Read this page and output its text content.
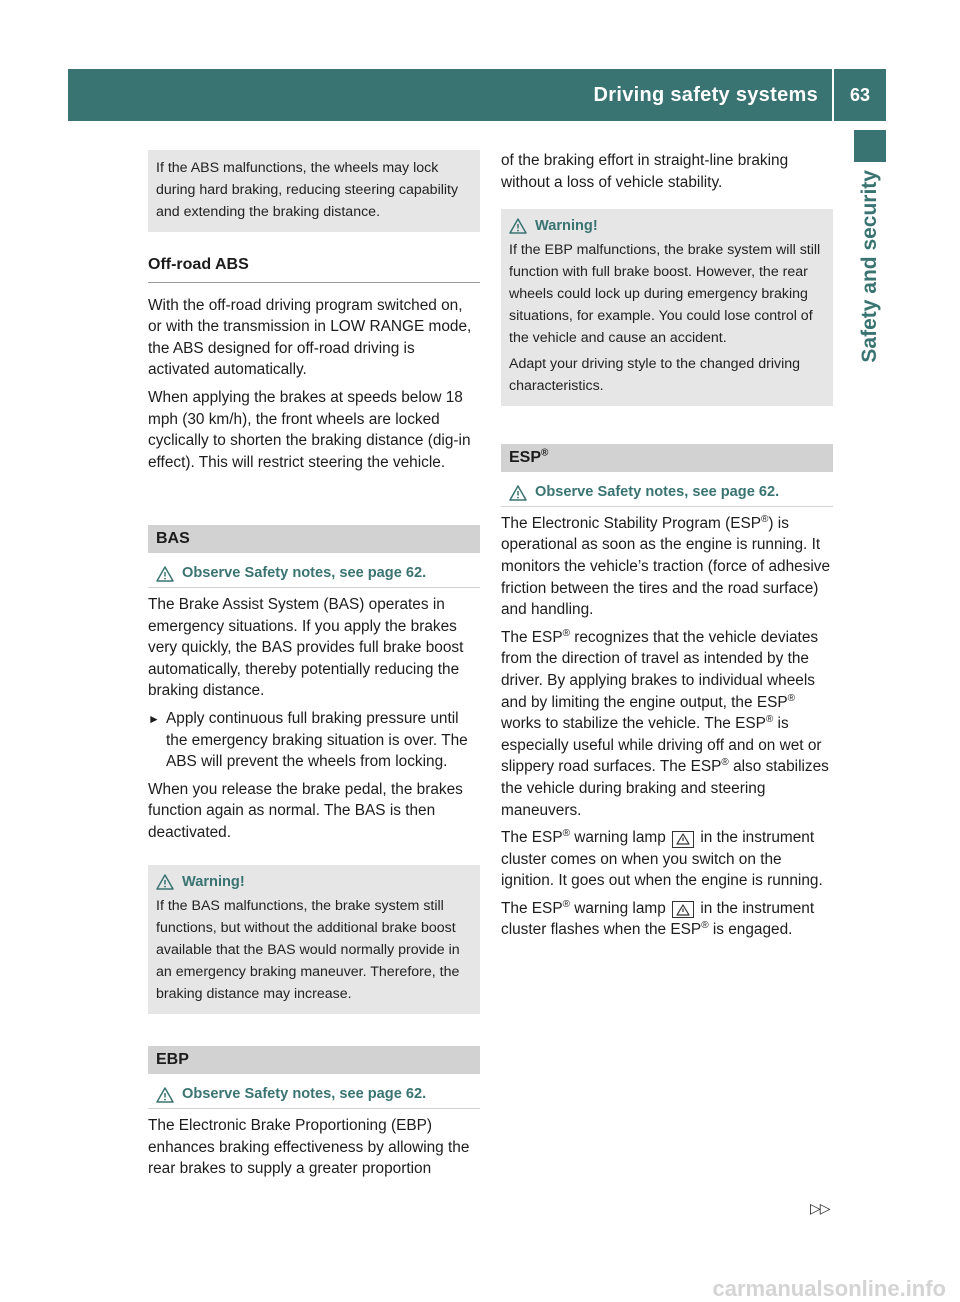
Driving safety systems	63
Safety and security

If the ABS malfunctions, the wheels may lock during hard braking, reducing steering capability and extending the braking distance.

Off-road ABS

With the off-road driving program switched on, or with the transmission in LOW RANGE mode, the ABS designed for off-road driving is activated automatically.

When applying the brakes at speeds below 18 mph (30 km/h), the front wheels are locked cyclically to shorten the braking distance (dig-in effect). This will restrict steering the vehicle.

BAS
Observe Safety notes, see page 62.

The Brake Assist System (BAS) operates in emergency situations. If you apply the brakes very quickly, the BAS provides full brake boost automatically, thereby potentially reducing the braking distance.

► Apply continuous full braking pressure until the emergency braking situation is over. The ABS will prevent the wheels from locking.

When you release the brake pedal, the brakes function again as normal. The BAS is then deactivated.

Warning!

If the BAS malfunctions, the brake system still functions, but without the additional brake boost available that the BAS would normally provide in an emergency braking maneuver. Therefore, the braking distance may increase.

EBP
Observe Safety notes, see page 62.

The Electronic Brake Proportioning (EBP) enhances braking effectiveness by allowing the rear brakes to supply a greater proportion

of the braking effort in straight-line braking without a loss of vehicle stability.

Warning!

If the EBP malfunctions, the brake system will still function with full brake boost. However, the rear wheels could lock up during emergency braking situations, for example. You could lose control of the vehicle and cause an accident.

Adapt your driving style to the changed driving characteristics.

ESP®
Observe Safety notes, see page 62.

The Electronic Stability Program (ESP®) is operational as soon as the engine is running. It monitors the vehicle’s traction (force of adhesive friction between the tires and the road surface) and handling.

The ESP® recognizes that the vehicle deviates from the direction of travel as intended by the driver. By applying brakes to individual wheels and by limiting the engine output, the ESP® works to stabilize the vehicle. The ESP® is especially useful while driving off and on wet or slippery road surfaces. The ESP® also stabilizes the vehicle during braking and steering maneuvers.

The ESP® warning lamp
in the instrument cluster comes on when you switch on the ignition. It goes out when the engine is running.

The ESP® warning lamp
in the instrument cluster flashes when the ESP® is engaged.

▷▷
carmanualsonline.info
